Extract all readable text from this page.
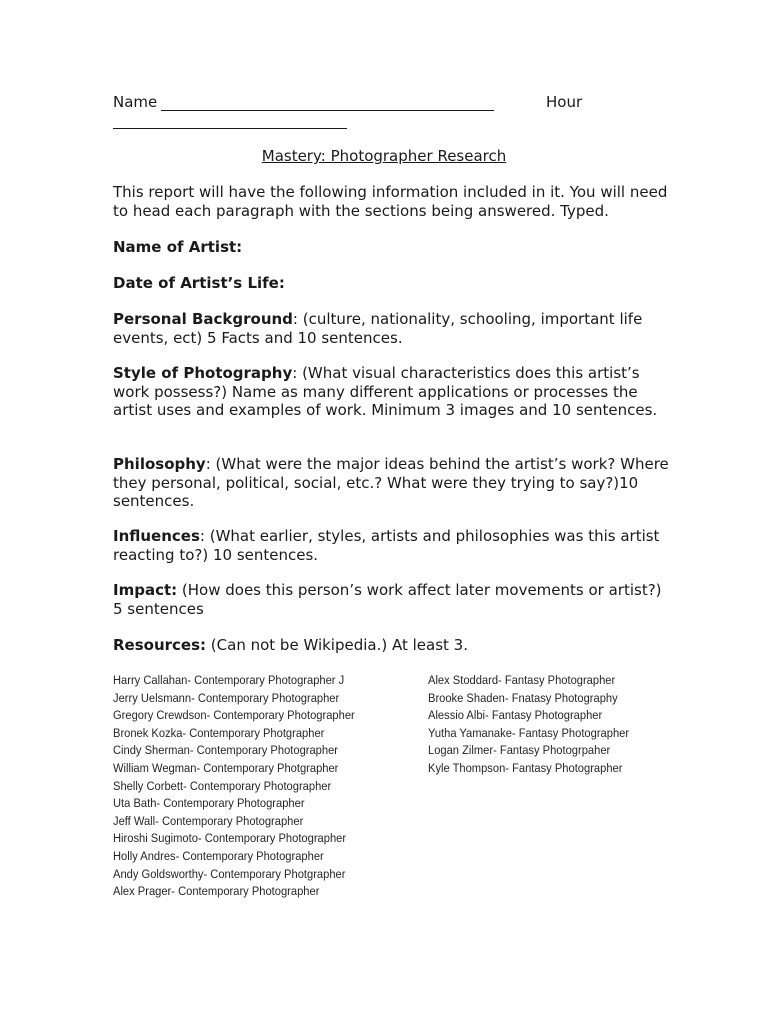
Name	Hour
Mastery: Photographer Research
This report will have the following information included in it. You will need to head each paragraph with the sections being answered. Typed.

Name of Artist:

Date of Artist’s Life:

Personal Background: (culture, nationality, schooling, important life events, ect) 5 Facts and 10 sentences.

Style of Photography: (What visual characteristics does this artist’s work possess?) Name as many different applications or processes the artist uses and examples of work. Minimum 3 images and 10 sentences.

Philosophy: (What were the major ideas behind the artist’s work? Where they personal, political, social, etc.? What were they trying to say?)10 sentences.

Influences: (What earlier, styles, artists and philosophies was this artist reacting to?) 10 sentences.

Impact: (How does this person’s work affect later movements or artist?) 5 sentences

Resources: (Can not be Wikipedia.) At least 3.

Harry Callahan- Contemporary Photographer J
Jerry Uelsmann- Contemporary Photographer
Gregory Crewdson- Contemporary Photographer
Bronek Kozka- Contemporary Photgrapher
Cindy Sherman- Contemporary Photographer
William Wegman- Contemporary Photgrapher
Shelly Corbett- Contemporary Photographer
Uta Bath- Contemporary Photographer
Jeff Wall- Contemporary Photographer
Hiroshi Sugimoto- Contemporary Photographer
Holly Andres- Contemporary Photographer
Andy Goldsworthy- Contemporary Photgrapher
Alex Prager- Contemporary Photographer
Alex Stoddard- Fantasy Photographer
Brooke Shaden- Fnatasy Photography
Alessio Albi- Fantasy Photographer
Yutha Yamanake- Fantasy Photographer
Logan Zilmer- Fantasy Photogrpaher
Kyle Thompson- Fantasy Photographer
